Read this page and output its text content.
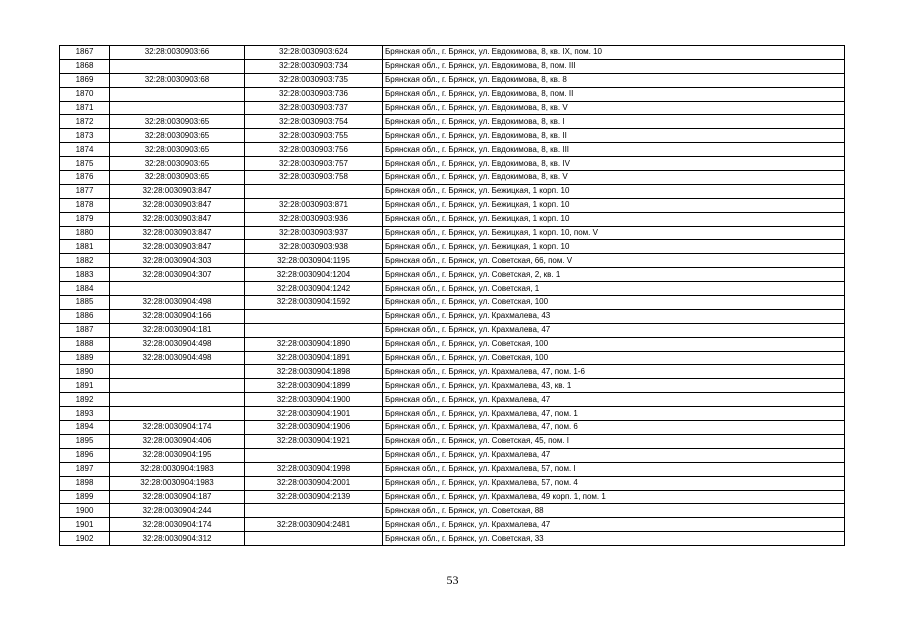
1867	32:28:0030903:66	32:28:0030903:624	Брянская обл., г. Брянск, ул. Евдокимова, 8, кв. IX, пом. 10
1868		32:28:0030903:734	Брянская обл., г. Брянск, ул. Евдокимова, 8, пом. III
1869	32:28:0030903:68	32:28:0030903:735	Брянская обл., г. Брянск, ул. Евдокимова, 8, кв. 8
1870		32:28:0030903:736	Брянская обл., г. Брянск, ул. Евдокимова, 8, пом. II
1871		32:28:0030903:737	Брянская обл., г. Брянск, ул. Евдокимова, 8, кв. V
1872	32:28:0030903:65	32:28:0030903:754	Брянская обл., г. Брянск, ул. Евдокимова, 8, кв. I
1873	32:28:0030903:65	32:28:0030903:755	Брянская обл., г. Брянск, ул. Евдокимова, 8, кв. II
1874	32:28:0030903:65	32:28:0030903:756	Брянская обл., г. Брянск, ул. Евдокимова, 8, кв. III
1875	32:28:0030903:65	32:28:0030903:757	Брянская обл., г. Брянск, ул. Евдокимова, 8, кв. IV
1876	32:28:0030903:65	32:28:0030903:758	Брянская обл., г. Брянск, ул. Евдокимова, 8, кв. V
1877	32:28:0030903:847		Брянская обл., г. Брянск, ул. Бежицкая, 1 корп. 10
1878	32:28:0030903:847	32:28:0030903:871	Брянская обл., г. Брянск, ул. Бежицкая, 1 корп. 10
1879	32:28:0030903:847	32:28:0030903:936	Брянская обл., г. Брянск, ул. Бежицкая, 1 корп. 10
1880	32:28:0030903:847	32:28:0030903:937	Брянская обл., г. Брянск, ул. Бежицкая, 1 корп. 10, пом. V
1881	32:28:0030903:847	32:28:0030903:938	Брянская обл., г. Брянск, ул. Бежицкая, 1 корп. 10
1882	32:28:0030904:303	32:28:0030904:1195	Брянская обл., г. Брянск, ул. Советская, 66, пом. V
1883	32:28:0030904:307	32:28:0030904:1204	Брянская обл., г. Брянск, ул. Советская, 2, кв. 1
1884		32:28:0030904:1242	Брянская обл., г. Брянск, ул. Советская, 1
1885	32:28:0030904:498	32:28:0030904:1592	Брянская обл., г. Брянск, ул. Советская, 100
1886	32:28:0030904:166		Брянская обл., г. Брянск, ул. Крахмалева, 43
1887	32:28:0030904:181		Брянская обл., г. Брянск, ул. Крахмалева, 47
1888	32:28:0030904:498	32:28:0030904:1890	Брянская обл., г. Брянск, ул. Советская, 100
1889	32:28:0030904:498	32:28:0030904:1891	Брянская обл., г. Брянск, ул. Советская, 100
1890		32:28:0030904:1898	Брянская обл., г. Брянск, ул. Крахмалева, 47, пом. 1-6
1891		32:28:0030904:1899	Брянская обл., г. Брянск, ул. Крахмалева, 43, кв. 1
1892		32:28:0030904:1900	Брянская обл., г. Брянск, ул. Крахмалева, 47
1893		32:28:0030904:1901	Брянская обл., г. Брянск, ул. Крахмалева, 47, пом. 1
1894	32:28:0030904:174	32:28:0030904:1906	Брянская обл., г. Брянск, ул. Крахмалева, 47, пом. 6
1895	32:28:0030904:406	32:28:0030904:1921	Брянская обл., г. Брянск, ул. Советская, 45, пом. I
1896	32:28:0030904:195		Брянская обл., г. Брянск, ул. Крахмалева, 47
1897	32:28:0030904:1983	32:28:0030904:1998	Брянская обл., г. Брянск, ул. Крахмалева, 57, пом. I
1898	32:28:0030904:1983	32:28:0030904:2001	Брянская обл., г. Брянск, ул. Крахмалева, 57, пом. 4
1899	32:28:0030904:187	32:28:0030904:2139	Брянская обл., г. Брянск, ул. Крахмалева, 49 корп. 1, пом. 1
1900	32:28:0030904:244		Брянская обл., г. Брянск, ул. Советская, 88
1901	32:28:0030904:174	32:28:0030904:2481	Брянская обл., г. Брянск, ул. Крахмалева, 47
1902	32:28:0030904:312		Брянская обл., г. Брянск, ул. Советская, 33
53
